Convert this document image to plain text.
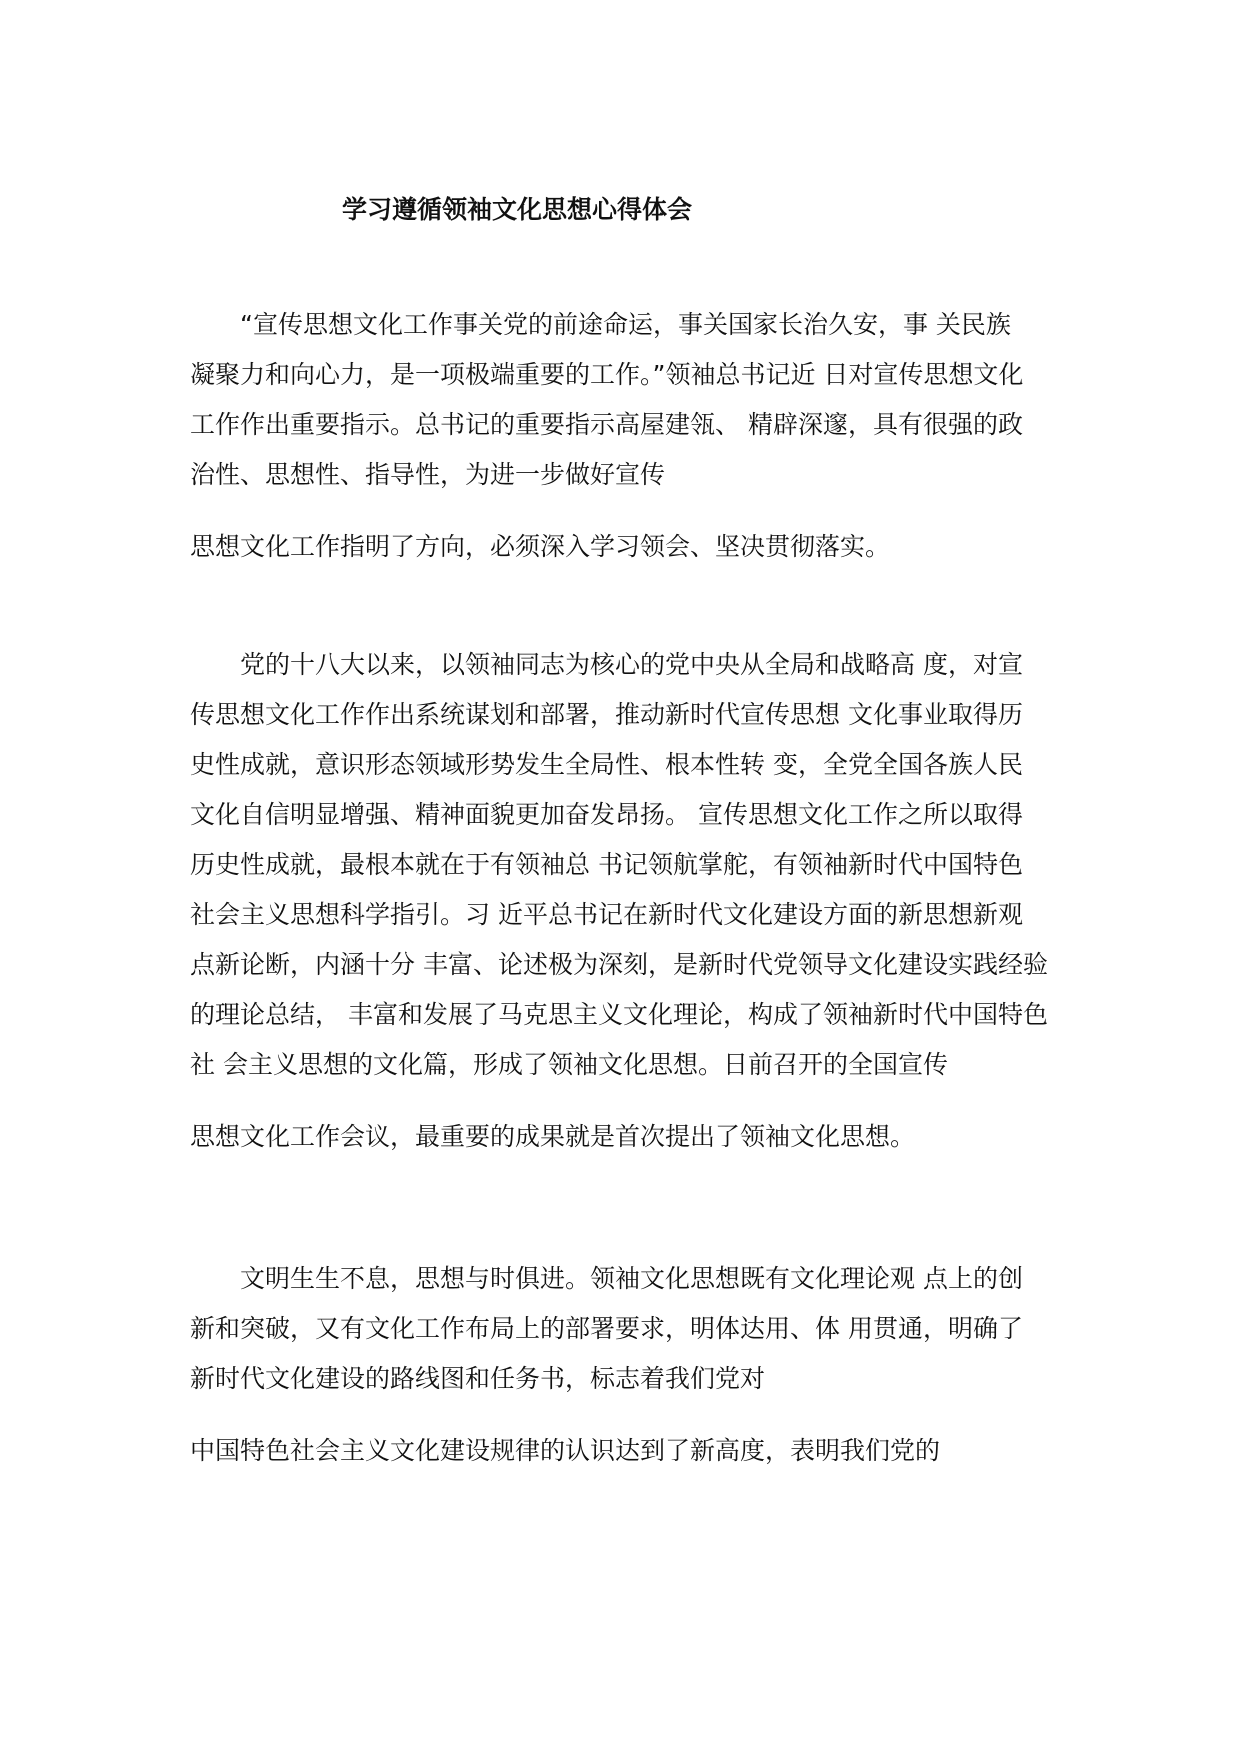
学习遵循领袖文化思想心得体会

“宣传思想文化工作事关党的前途命运，事关国家长治久安，事 关民族

凝聚力和向心力，是一项极端重要的工作。”领袖总书记近 日对宣传思想文化

工作作出重要指示。总书记的重要指示高屋建瓴、 精辟深邃，具有很强的政

治性、思想性、指导性，为进一步做好宣传

思想文化工作指明了方向，必须深入学习领会、坚决贯彻落实。

党的十八大以来，以领袖同志为核心的党中央从全局和战略高 度，对宣

传思想文化工作作出系统谋划和部署，推动新时代宣传思想 文化事业取得历

史性成就，意识形态领域形势发生全局性、根本性转 变，全党全国各族人民

文化自信明显增强、精神面貌更加奋发昂扬。 宣传思想文化工作之所以取得

历史性成就，最根本就在于有领袖总 书记领航掌舵，有领袖新时代中国特色

社会主义思想科学指引。习 近平总书记在新时代文化建设方面的新思想新观

点新论断，内涵十分 丰富、论述极为深刻，是新时代党领导文化建设实践经验

的理论总结， 丰富和发展了马克思主义文化理论，构成了领袖新时代中国特色

社 会主义思想的文化篇，形成了领袖文化思想。日前召开的全国宣传

思想文化工作会议，最重要的成果就是首次提出了领袖文化思想。

文明生生不息，思想与时俱进。领袖文化思想既有文化理论观 点上的创

新和突破，又有文化工作布局上的部署要求，明体达用、体 用贯通，明确了

新时代文化建设的路线图和任务书，标志着我们党对

中国特色社会主义文化建设规律的认识达到了新高度，表明我们党的
